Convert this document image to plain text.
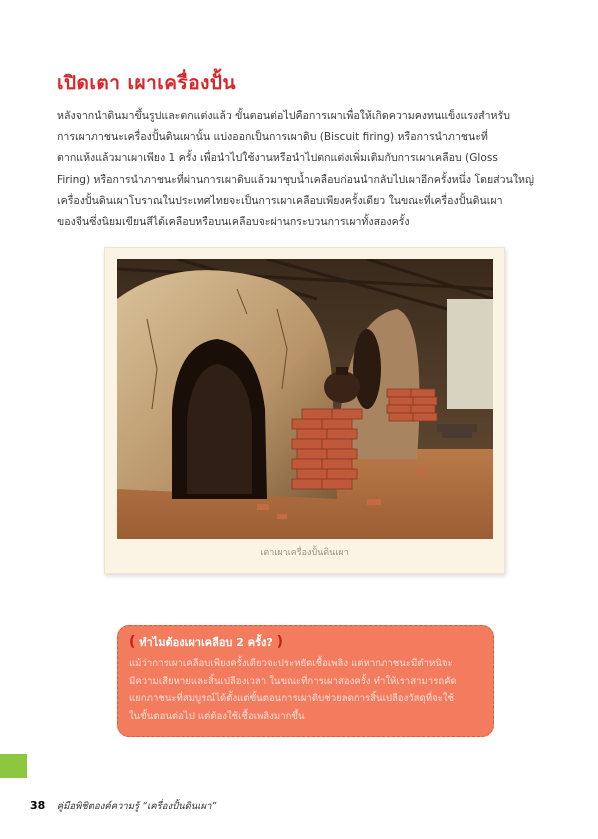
เปิดเตา เผาเครื่องปั้น
หลังจากนำดินมาขึ้นรูปและตกแต่งแล้ว ขั้นตอนต่อไปคือการเผาเพื่อให้เกิดความคงทนแข็งแรงสำหรับ
การเผาภาชนะเครื่องปั้นดินเผานั้น แบ่งออกเป็นการเผาดิบ (Biscuit firing) หรือการนำภาชนะที่
ตากแห้งแล้วมาเผาเพียง 1 ครั้ง เพื่อนำไปใช้งานหรือนำไปตกแต่งเพิ่มเติมกับการเผาเคลือบ (Gloss
Firing) หรือการนำภาชนะที่ผ่านการเผาดิบแล้วมาชุบน้ำเคลือบก่อนนำกลับไปเผาอีกครั้งหนึ่ง โดยส่วนใหญ่
เครื่องปั้นดินเผาโบราณในประเทศไทยจะเป็นการเผาเคลือบเพียงครั้งเดียว ในขณะที่เครื่องปั้นดินเผา
ของจีนซึ่งนิยมเขียนสีได้เคลือบหรือบนเคลือบจะผ่านกระบวนการเผาทั้งสองครั้ง
เตาเผาเครื่องปั้นดินเผา
( ทำไมต้องเผาเคลือบ 2 ครั้ง? )
แม้ว่าการเผาเคลือบเพียงครั้งเดียวจะประหยัดเชื้อเพลิง แต่หากภาชนะมีตำหนิจะ
มีความเสียหายและสิ้นเปลืองเวลา ในขณะที่การเผาสองครั้ง ทำให้เราสามารถคัด
แยกภาชนะที่สมบูรณ์ได้ตั้งแต่ขั้นตอนการเผาดิบช่วยลดการสิ้นเปลืองวัสดุที่จะใช้
ในขั้นตอนต่อไป แต่ต้องใช้เชื้อเพลิงมากขึ้น
38 คู่มือพิชิตองค์ความรู้ “เครื่องปั้นดินเผา”
